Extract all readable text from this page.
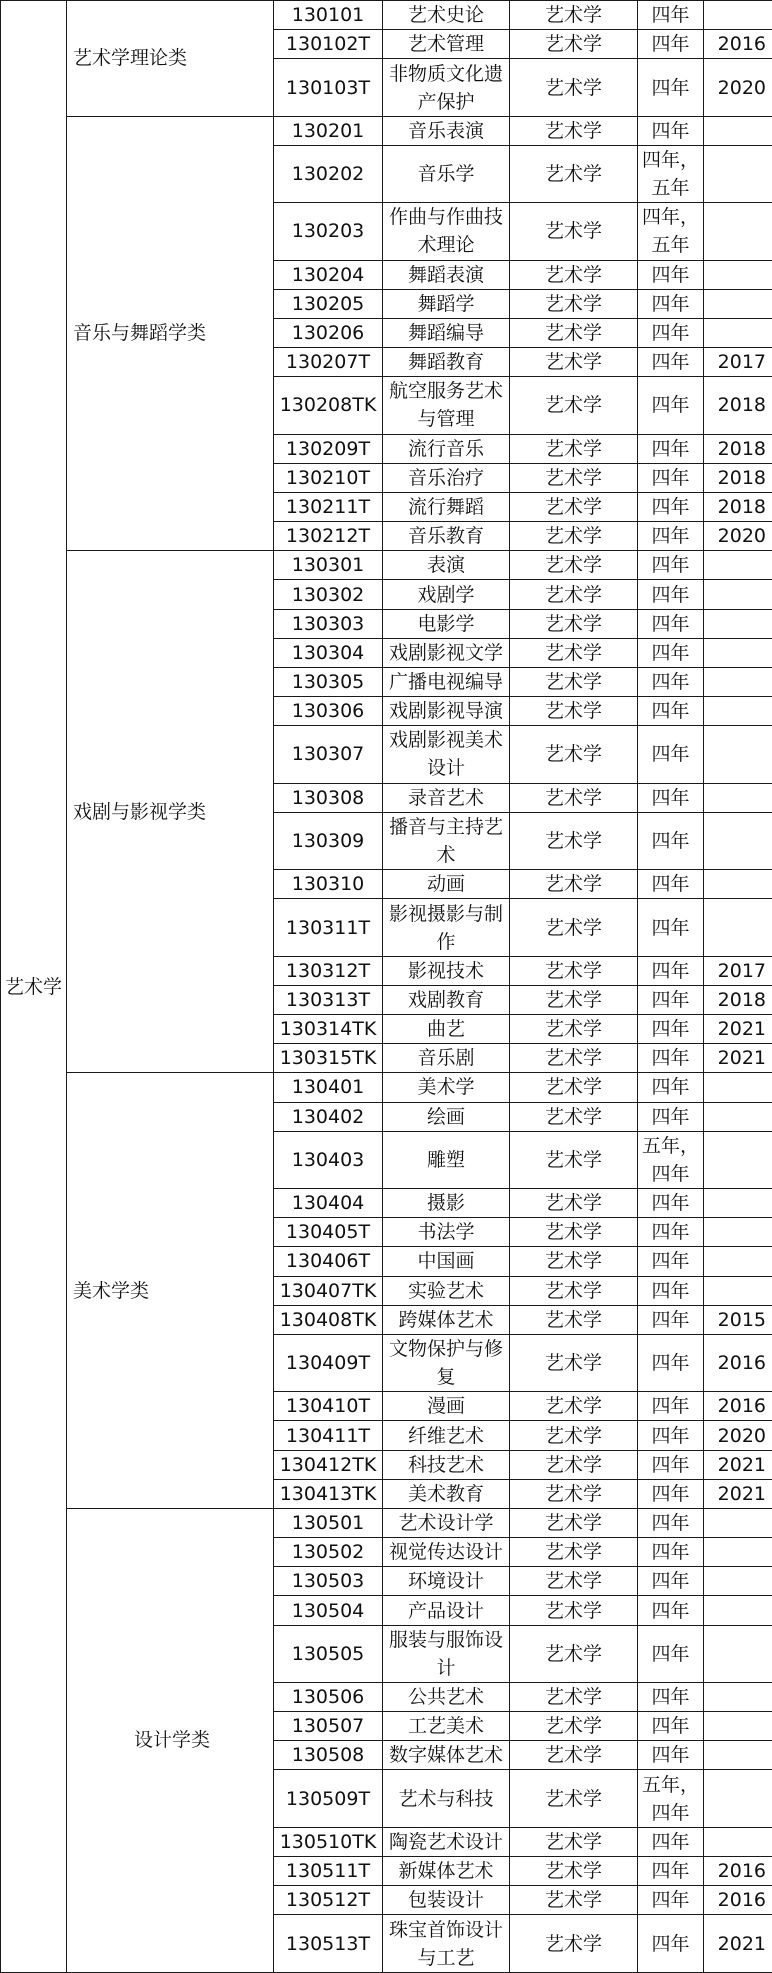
艺术学	艺术学理论类	130101	艺术史论	艺术学	四年	
		130102T	艺术管理	艺术学	四年	2016
		130103T	非物质文化遗产保护	艺术学	四年	2020
	音乐与舞蹈学类	130201	音乐表演	艺术学	四年	
		130202	音乐学	艺术学	四年，五年	
		130203	作曲与作曲技术理论	艺术学	四年，五年	
		130204	舞蹈表演	艺术学	四年	
		130205	舞蹈学	艺术学	四年	
		130206	舞蹈编导	艺术学	四年	
		130207T	舞蹈教育	艺术学	四年	2017
		130208TK	航空服务艺术与管理	艺术学	四年	2018
		130209T	流行音乐	艺术学	四年	2018
		130210T	音乐治疗	艺术学	四年	2018
		130211T	流行舞蹈	艺术学	四年	2018
		130212T	音乐教育	艺术学	四年	2020
	戏剧与影视学类	130301	表演	艺术学	四年	
		130302	戏剧学	艺术学	四年	
		130303	电影学	艺术学	四年	
		130304	戏剧影视文学	艺术学	四年	
		130305	广播电视编导	艺术学	四年	
		130306	戏剧影视导演	艺术学	四年	
		130307	戏剧影视美术设计	艺术学	四年	
		130308	录音艺术	艺术学	四年	
		130309	播音与主持艺术	艺术学	四年	
		130310	动画	艺术学	四年	
		130311T	影视摄影与制作	艺术学	四年	
		130312T	影视技术	艺术学	四年	2017
		130313T	戏剧教育	艺术学	四年	2018
		130314TK	曲艺	艺术学	四年	2021
		130315TK	音乐剧	艺术学	四年	2021
	美术学类	130401	美术学	艺术学	四年	
		130402	绘画	艺术学	四年	
		130403	雕塑	艺术学	五年，四年	
		130404	摄影	艺术学	四年	
		130405T	书法学	艺术学	四年	
		130406T	中国画	艺术学	四年	
		130407TK	实验艺术	艺术学	四年	
		130408TK	跨媒体艺术	艺术学	四年	2015
		130409T	文物保护与修复	艺术学	四年	2016
		130410T	漫画	艺术学	四年	2016
		130411T	纤维艺术	艺术学	四年	2020
		130412TK	科技艺术	艺术学	四年	2021
		130413TK	美术教育	艺术学	四年	2021
	设计学类	130501	艺术设计学	艺术学	四年	
		130502	视觉传达设计	艺术学	四年	
		130503	环境设计	艺术学	四年	
		130504	产品设计	艺术学	四年	
		130505	服装与服饰设计	艺术学	四年	
		130506	公共艺术	艺术学	四年	
		130507	工艺美术	艺术学	四年	
		130508	数字媒体艺术	艺术学	四年	
		130509T	艺术与科技	艺术学	五年，四年	
		130510TK	陶瓷艺术设计	艺术学	四年	
		130511T	新媒体艺术	艺术学	四年	2016
		130512T	包装设计	艺术学	四年	2016
		130513T	珠宝首饰设计与工艺	艺术学	四年	2021
